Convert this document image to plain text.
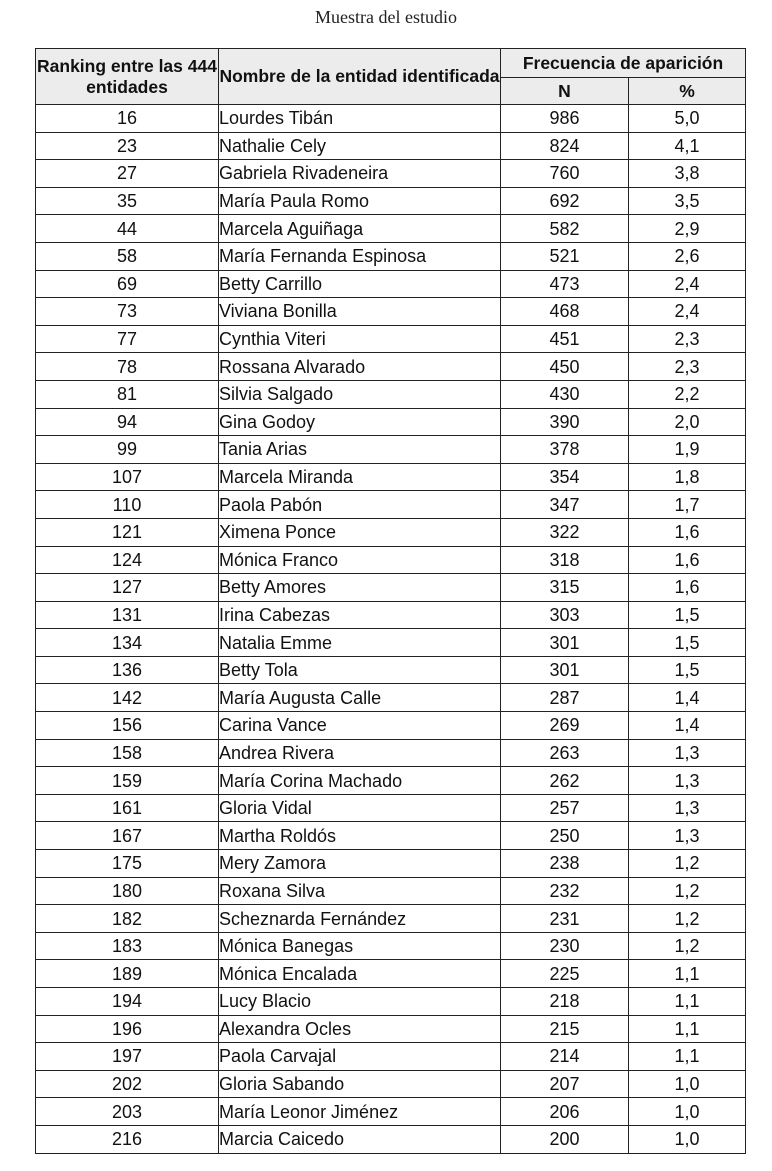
Muestra del estudio
Ranking entre las 444 entidades	Nombre de la entidad identificada	Frecuencia de aparición	
		N	%
16	Lourdes Tibán	986	5,0
23	Nathalie Cely	824	4,1
27	Gabriela Rivadeneira	760	3,8
35	María Paula Romo	692	3,5
44	Marcela Aguiñaga	582	2,9
58	María Fernanda Espinosa	521	2,6
69	Betty Carrillo	473	2,4
73	Viviana Bonilla	468	2,4
77	Cynthia Viteri	451	2,3
78	Rossana Alvarado	450	2,3
81	Silvia Salgado	430	2,2
94	Gina Godoy	390	2,0
99	Tania Arias	378	1,9
107	Marcela Miranda	354	1,8
110	Paola Pabón	347	1,7
121	Ximena Ponce	322	1,6
124	Mónica Franco	318	1,6
127	Betty Amores	315	1,6
131	Irina Cabezas	303	1,5
134	Natalia Emme	301	1,5
136	Betty Tola	301	1,5
142	María Augusta Calle	287	1,4
156	Carina Vance	269	1,4
158	Andrea Rivera	263	1,3
159	María Corina Machado	262	1,3
161	Gloria Vidal	257	1,3
167	Martha Roldós	250	1,3
175	Mery Zamora	238	1,2
180	Roxana Silva	232	1,2
182	Scheznarda Fernández	231	1,2
183	Mónica Banegas	230	1,2
189	Mónica Encalada	225	1,1
194	Lucy Blacio	218	1,1
196	Alexandra Ocles	215	1,1
197	Paola Carvajal	214	1,1
202	Gloria Sabando	207	1,0
203	María Leonor Jiménez	206	1,0
216	Marcia Caicedo	200	1,0
